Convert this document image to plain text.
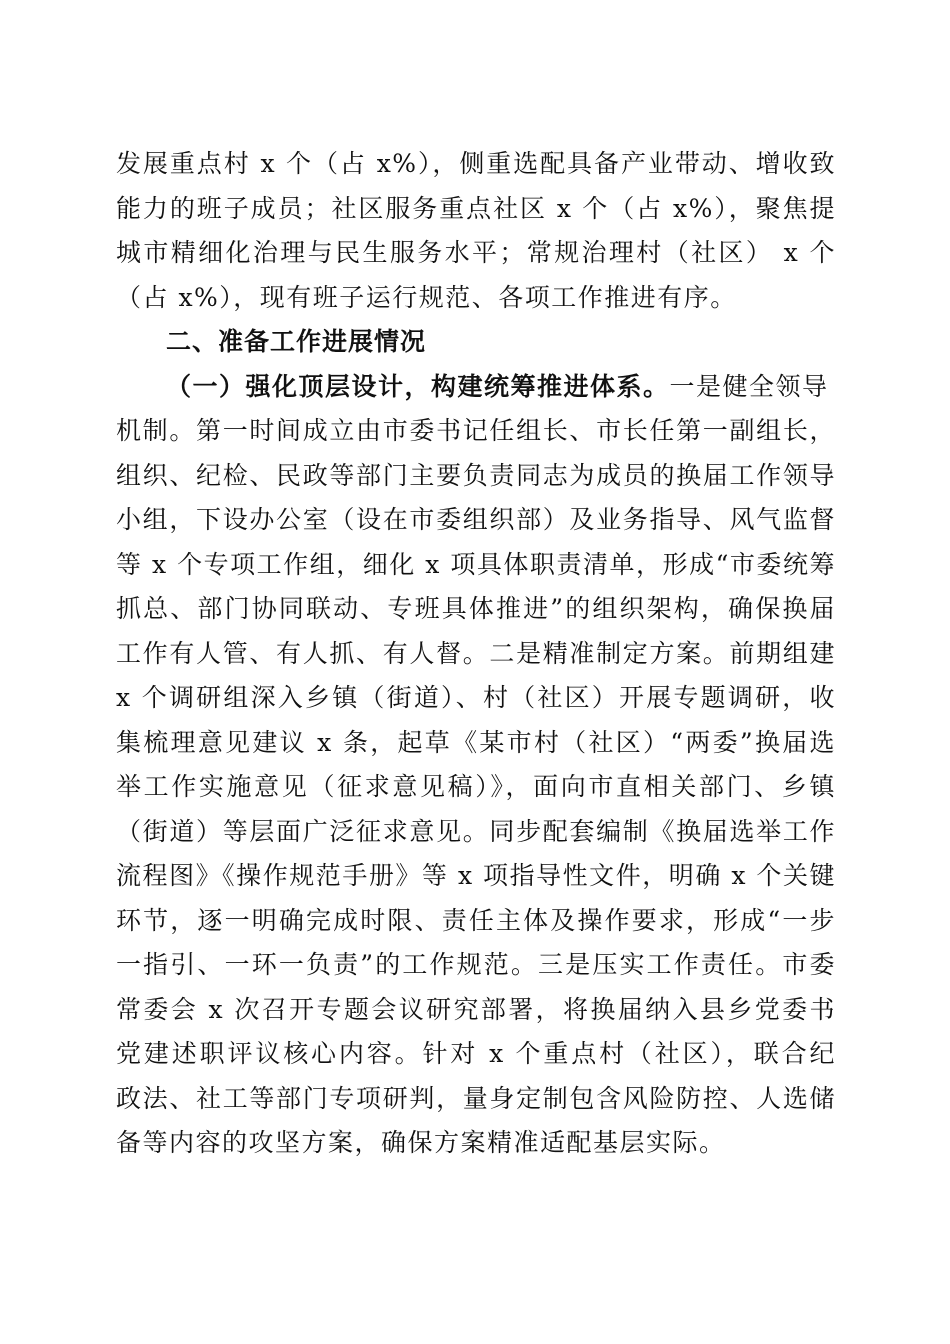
发展重点村 x 个（占 x%），侧重选配具备产业带动、增收致
能力的班子成员；社区服务重点社区 x 个（占 x%），聚焦提
城市精细化治理与民生服务水平；常规治理村（社区） x 个
（占 x%），现有班子运行规范、各项工作推进有序。
二、准备工作进展情况
（一）强化顶层设计，构建统筹推进体系。一是健全领导
机制。第一时间成立由市委书记任组长、市长任第一副组长，
组织、纪检、民政等部门主要负责同志为成员的换届工作领导
小组，下设办公室（设在市委组织部）及业务指导、风气监督
等 x 个专项工作组，细化 x 项具体职责清单，形成“市委统筹
抓总、部门协同联动、专班具体推进”的组织架构，确保换届
工作有人管、有人抓、有人督。二是精准制定方案。前期组建
x 个调研组深入乡镇（街道）、村（社区）开展专题调研，收
集梳理意见建议 x 条，起草《某市村（社区）“两委”换届选
举工作实施意见（征求意见稿）》，面向市直相关部门、乡镇
（街道）等层面广泛征求意见。同步配套编制《换届选举工作
流程图》《操作规范手册》等 x 项指导性文件，明确 x 个关键
环节，逐一明确完成时限、责任主体及操作要求，形成“一步
一指引、一环一负责”的工作规范。三是压实工作责任。市委
常委会 x 次召开专题会议研究部署，将换届纳入县乡党委书
党建述职评议核心内容。针对 x 个重点村（社区），联合纪
政法、社工等部门专项研判，量身定制包含风险防控、人选储
备等内容的攻坚方案，确保方案精准适配基层实际。
